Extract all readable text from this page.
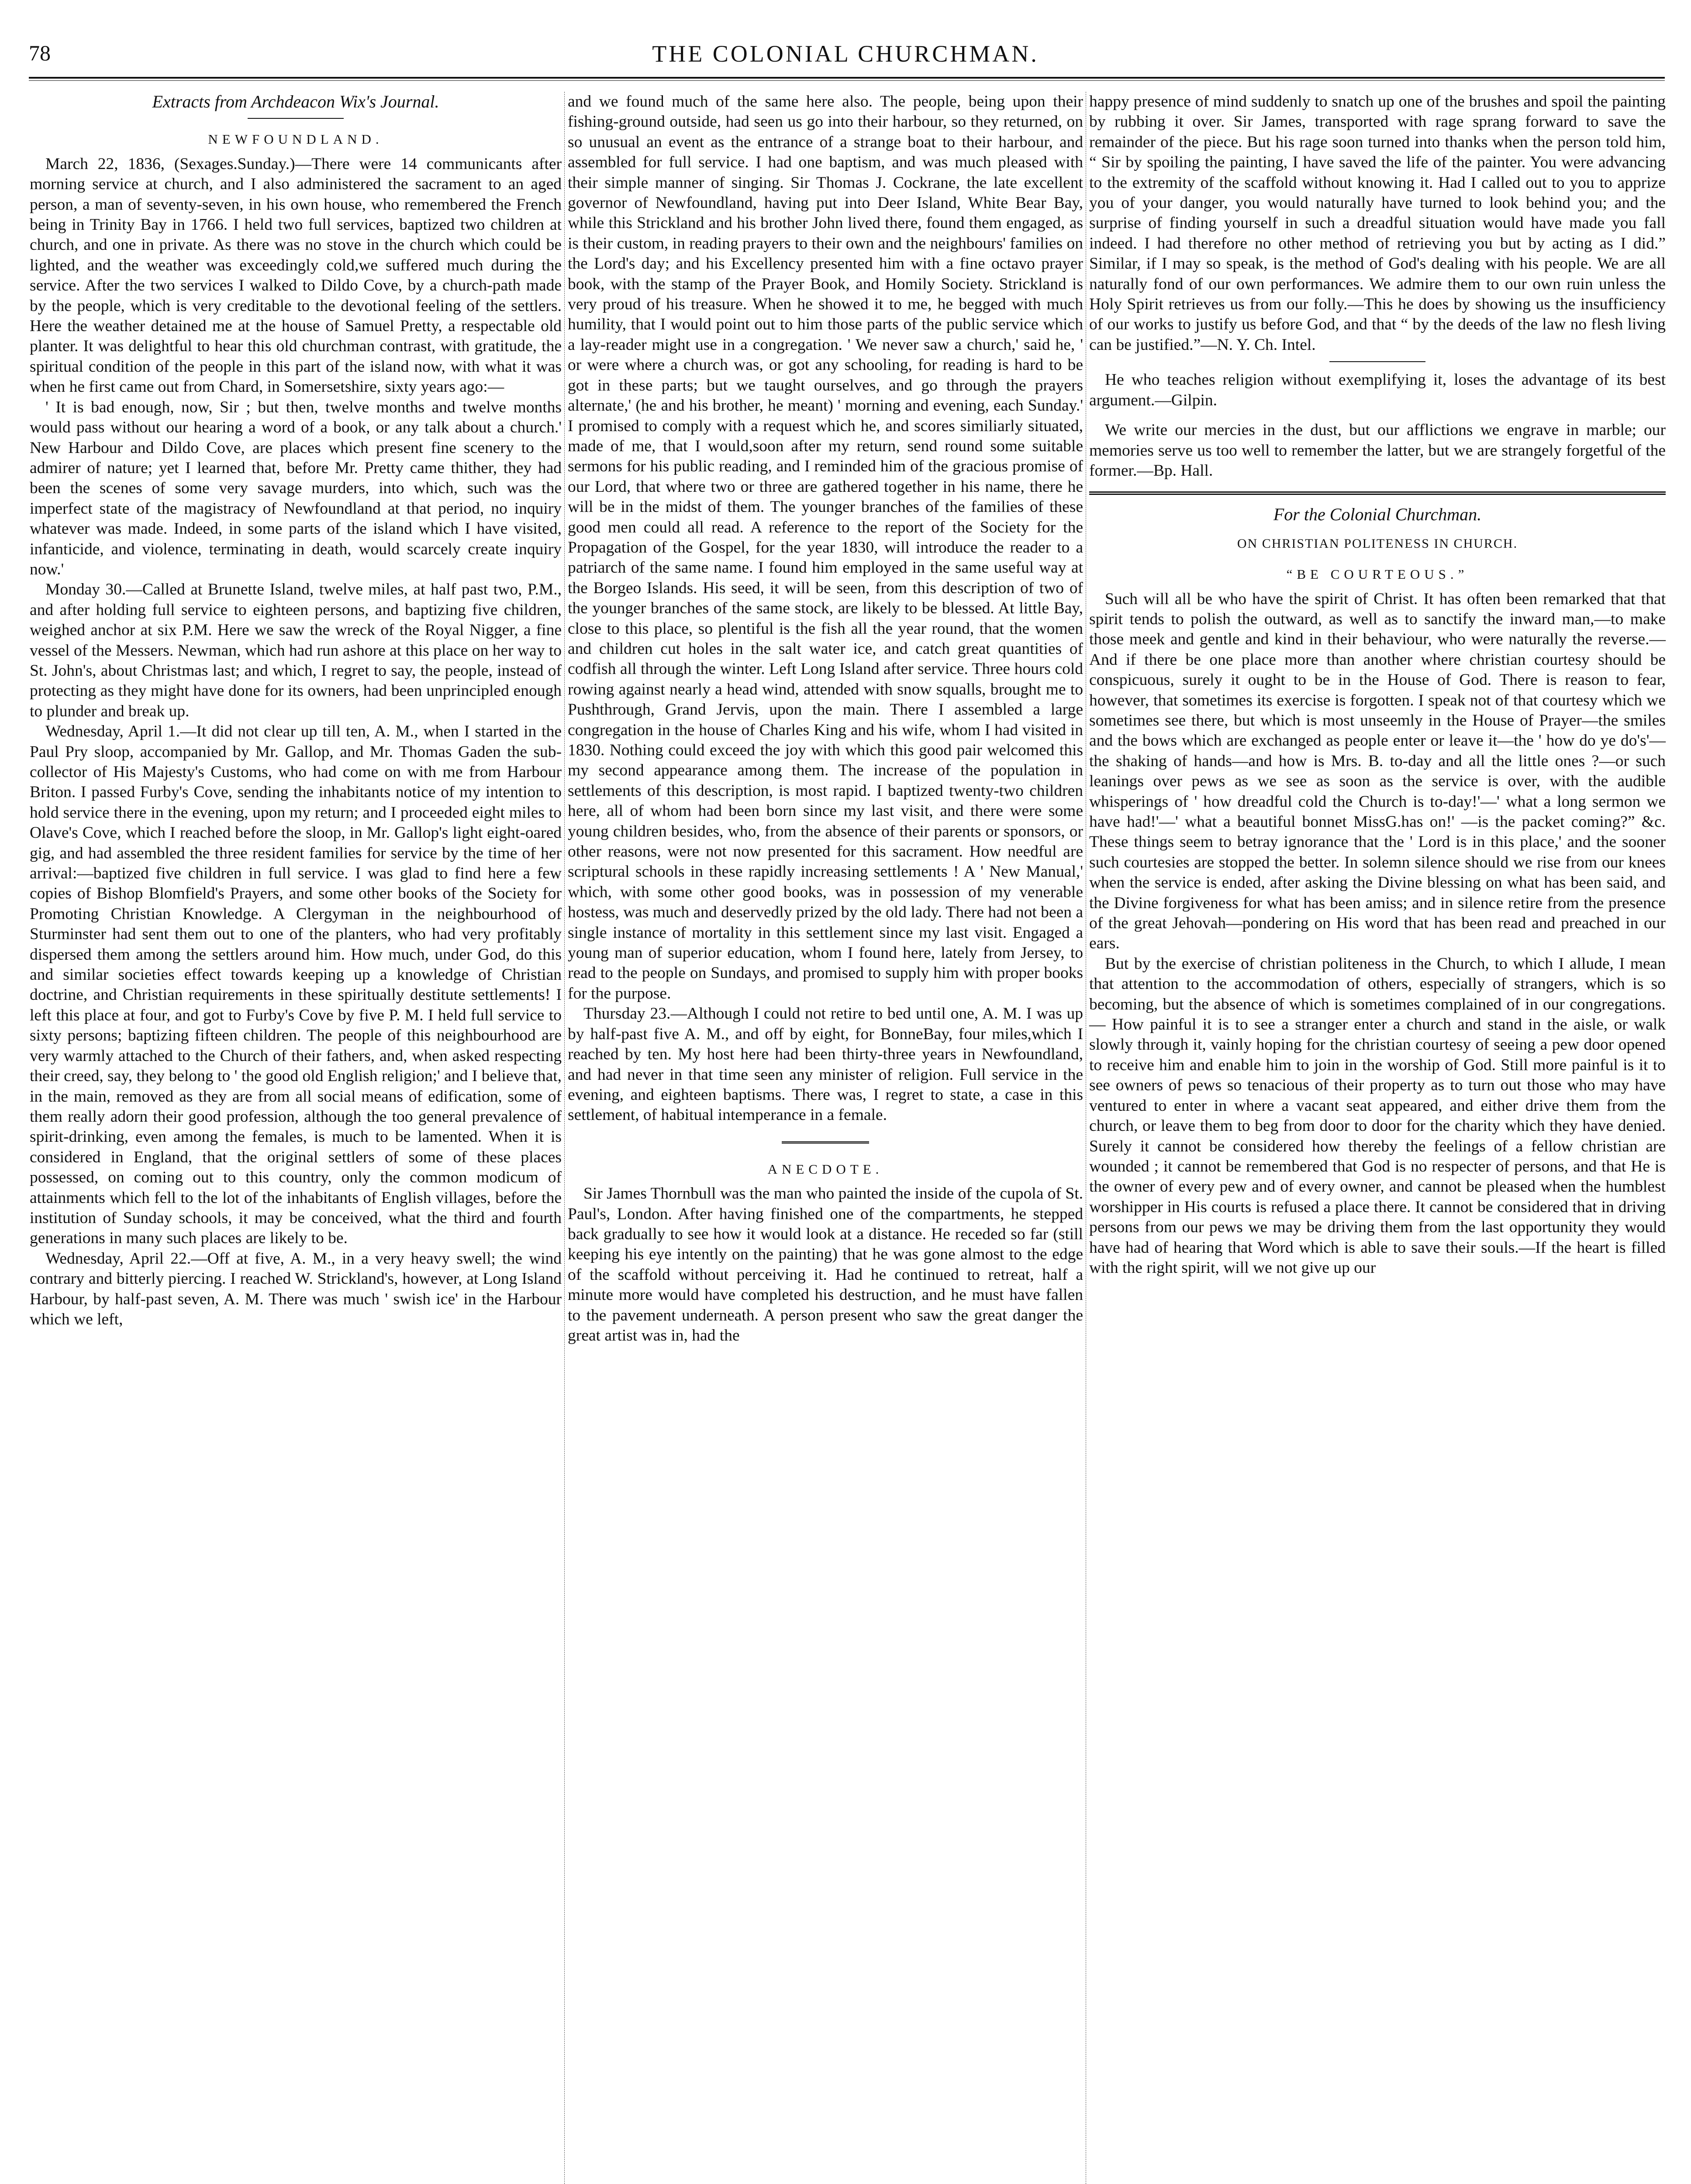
78	THE COLONIAL CHURCHMAN.

Extracts from Archdeacon Wix's Journal.

NEWFOUNDLAND.

March 22, 1836, (Sexages.Sunday.)—There were 14 communicants after morning service at church, and I also administered the sacrament to an aged person, a man of seventy-seven, in his own house, who remembered the French being in Trinity Bay in 1766. I held two full services, baptized two children at church, and one in private. As there was no stove in the church which could be lighted, and the weather was exceedingly cold,we suffered much during the service. After the two services I walked to Dildo Cove, by a church-path made by the people, which is very creditable to the devotional feeling of the settlers. Here the weather detained me at the house of Samuel Pretty, a respectable old planter. It was delightful to hear this old churchman contrast, with gratitude, the spiritual condition of the people in this part of the island now, with what it was when he first came out from Chard, in Somersetshire, sixty years ago:—

' It is bad enough, now, Sir ; but then, twelve months and twelve months would pass without our hearing a word of a book, or any talk about a church.' New Harbour and Dildo Cove, are places which present fine scenery to the admirer of nature; yet I learned that, before Mr. Pretty came thither, they had been the scenes of some very savage murders, into which, such was the imperfect state of the magistracy of Newfoundland at that period, no inquiry whatever was made. Indeed, in some parts of the island which I have visited, infanticide, and violence, terminating in death, would scarcely create inquiry now.'

Monday 30.—Called at Brunette Island, twelve miles, at half past two, P.M., and after holding full service to eighteen persons, and baptizing five children, weighed anchor at six P.M. Here we saw the wreck of the Royal Nigger, a fine vessel of the Messers. Newman, which had run ashore at this place on her way to St. John's, about Christmas last; and which, I regret to say, the people, instead of protecting as they might have done for its owners, had been unprincipled enough to plunder and break up.

Wednesday, April 1.—It did not clear up till ten, A. M., when I started in the Paul Pry sloop, accompanied by Mr. Gallop, and Mr. Thomas Gaden the sub-collector of His Majesty's Customs, who had come on with me from Harbour Briton. I passed Furby's Cove, sending the inhabitants notice of my intention to hold service there in the evening, upon my return; and I proceeded eight miles to Olave's Cove, which I reached before the sloop, in Mr. Gallop's light eight-oared gig, and had assembled the three resident families for service by the time of her arrival:—baptized five children in full service. I was glad to find here a few copies of Bishop Blomfield's Prayers, and some other books of the Society for Promoting Christian Knowledge. A Clergyman in the neighbourhood of Sturminster had sent them out to one of the planters, who had very profitably dispersed them among the settlers around him. How much, under God, do this and similar societies effect towards keeping up a knowledge of Christian doctrine, and Christian requirements in these spiritually destitute settlements! I left this place at four, and got to Furby's Cove by five P. M. I held full service to sixty persons; baptizing fifteen children. The people of this neighbourhood are very warmly attached to the Church of their fathers, and, when asked respecting their creed, say, they belong to ' the good old English religion;' and I believe that, in the main, removed as they are from all social means of edification, some of them really adorn their good profession, although the too general prevalence of spirit-drinking, even among the females, is much to be lamented. When it is considered in England, that the original settlers of some of these places possessed, on coming out to this country, only the common modicum of attainments which fell to the lot of the inhabitants of English villages, before the institution of Sunday schools, it may be conceived, what the third and fourth generations in many such places are likely to be.

Wednesday, April 22.—Off at five, A. M., in a very heavy swell; the wind contrary and bitterly piercing. I reached W. Strickland's, however, at Long Island Harbour, by half-past seven, A. M. There was much ' swish ice' in the Harbour which we left,

and we found much of the same here also. The people, being upon their fishing-ground outside, had seen us go into their harbour, so they returned, on so unusual an event as the entrance of a strange boat to their harbour, and assembled for full service. I had one baptism, and was much pleased with their simple manner of singing. Sir Thomas J. Cockrane, the late excellent governor of Newfoundland, having put into Deer Island, White Bear Bay, while this Strickland and his brother John lived there, found them engaged, as is their custom, in reading prayers to their own and the neighbours' families on the Lord's day; and his Excellency presented him with a fine octavo prayer book, with the stamp of the Prayer Book, and Homily Society. Strickland is very proud of his treasure. When he showed it to me, he begged with much humility, that I would point out to him those parts of the public service which a lay-reader might use in a congregation. ' We never saw a church,' said he, ' or were where a church was, or got any schooling, for reading is hard to be got in these parts; but we taught ourselves, and go through the prayers alternate,' (he and his brother, he meant) ' morning and evening, each Sunday.' I promised to comply with a request which he, and scores similiarly situated, made of me, that I would,soon after my return, send round some suitable sermons for his public reading, and I reminded him of the gracious promise of our Lord, that where two or three are gathered together in his name, there he will be in the midst of them. The younger branches of the families of these good men could all read. A reference to the report of the Society for the Propagation of the Gospel, for the year 1830, will introduce the reader to a patriarch of the same name. I found him employed in the same useful way at the Borgeo Islands. His seed, it will be seen, from this description of two of the younger branches of the same stock, are likely to be blessed. At little Bay, close to this place, so plentiful is the fish all the year round, that the women and children cut holes in the salt water ice, and catch great quantities of codfish all through the winter. Left Long Island after service. Three hours cold rowing against nearly a head wind, attended with snow squalls, brought me to Pushthrough, Grand Jervis, upon the main. There I assembled a large congregation in the house of Charles King and his wife, whom I had visited in 1830. Nothing could exceed the joy with which this good pair welcomed this my second appearance among them. The increase of the population in settlements of this description, is most rapid. I baptized twenty-two children here, all of whom had been born since my last visit, and there were some young children besides, who, from the absence of their parents or sponsors, or other reasons, were not now presented for this sacrament. How needful are scriptural schools in these rapidly increasing settlements ! A ' New Manual,' which, with some other good books, was in possession of my venerable hostess, was much and deservedly prized by the old lady. There had not been a single instance of mortality in this settlement since my last visit. Engaged a young man of superior education, whom I found here, lately from Jersey, to read to the people on Sundays, and promised to supply him with proper books for the purpose.

Thursday 23.—Although I could not retire to bed until one, A. M. I was up by half-past five A. M., and off by eight, for BonneBay, four miles,which I reached by ten. My host here had been thirty-three years in Newfoundland, and had never in that time seen any minister of religion. Full service in the evening, and eighteen baptisms. There was, I regret to state, a case in this settlement, of habitual intemperance in a female.

ANECDOTE.

Sir James Thornbull was the man who painted the inside of the cupola of St. Paul's, London. After having finished one of the compartments, he stepped back gradually to see how it would look at a distance. He receded so far (still keeping his eye intently on the painting) that he was gone almost to the edge of the scaffold without perceiving it. Had he continued to retreat, half a minute more would have completed his destruction, and he must have fallen to the pavement underneath. A person present who saw the great danger the great artist was in, had the

happy presence of mind suddenly to snatch up one of the brushes and spoil the painting by rubbing it over. Sir James, transported with rage sprang forward to save the remainder of the piece. But his rage soon turned into thanks when the person told him, “ Sir by spoiling the painting, I have saved the life of the painter. You were advancing to the extremity of the scaffold without knowing it. Had I called out to you to apprize you of your danger, you would naturally have turned to look behind you; and the surprise of finding yourself in such a dreadful situation would have made you fall indeed. I had therefore no other method of retrieving you but by acting as I did.” Similar, if I may so speak, is the method of God's dealing with his people. We are all naturally fond of our own performances. We admire them to our own ruin unless the Holy Spirit retrieves us from our folly.—This he does by showing us the insufficiency of our works to justify us before God, and that “ by the deeds of the law no flesh living can be justified.”—N. Y. Ch. Intel.

He who teaches religion without exemplifying it, loses the advantage of its best argument.—Gilpin.

We write our mercies in the dust, but our afflictions we engrave in marble; our memories serve us too well to remember the latter, but we are strangely forgetful of the former.—Bp. Hall.

For the Colonial Churchman.

ON CHRISTIAN POLITENESS IN CHURCH.

“BE COURTEOUS.”

Such will all be who have the spirit of Christ. It has often been remarked that that spirit tends to polish the outward, as well as to sanctify the inward man,—to make those meek and gentle and kind in their behaviour, who were naturally the reverse.— And if there be one place more than another where christian courtesy should be conspicuous, surely it ought to be in the House of God. There is reason to fear, however, that sometimes its exercise is forgotten. I speak not of that courtesy which we sometimes see there, but which is most unseemly in the House of Prayer—the smiles and the bows which are exchanged as people enter or leave it—the ' how do ye do's'—the shaking of hands—and how is Mrs. B. to-day and all the little ones ?—or such leanings over pews as we see as soon as the service is over, with the audible whisperings of ' how dreadful cold the Church is to-day!'—' what a long sermon we have had!'—' what a beautiful bonnet MissG.has on!' —is the packet coming?” &c. These things seem to betray ignorance that the ' Lord is in this place,' and the sooner such courtesies are stopped the better. In solemn silence should we rise from our knees when the service is ended, after asking the Divine blessing on what has been said, and the Divine forgiveness for what has been amiss; and in silence retire from the presence of the great Jehovah—pondering on His word that has been read and preached in our ears.

But by the exercise of christian politeness in the Church, to which I allude, I mean that attention to the accommodation of others, especially of strangers, which is so becoming, but the absence of which is sometimes complained of in our congregations.— How painful it is to see a stranger enter a church and stand in the aisle, or walk slowly through it, vainly hoping for the christian courtesy of seeing a pew door opened to receive him and enable him to join in the worship of God. Still more painful is it to see owners of pews so tenacious of their property as to turn out those who may have ventured to enter in where a vacant seat appeared, and either drive them from the church, or leave them to beg from door to door for the charity which they have denied. Surely it cannot be considered how thereby the feelings of a fellow christian are wounded ; it cannot be remembered that God is no respecter of persons, and that He is the owner of every pew and of every owner, and cannot be pleased when the humblest worshipper in His courts is refused a place there. It cannot be considered that in driving persons from our pews we may be driving them from the last opportunity they would have had of hearing that Word which is able to save their souls.—If the heart is filled with the right spirit, will we not give up our
